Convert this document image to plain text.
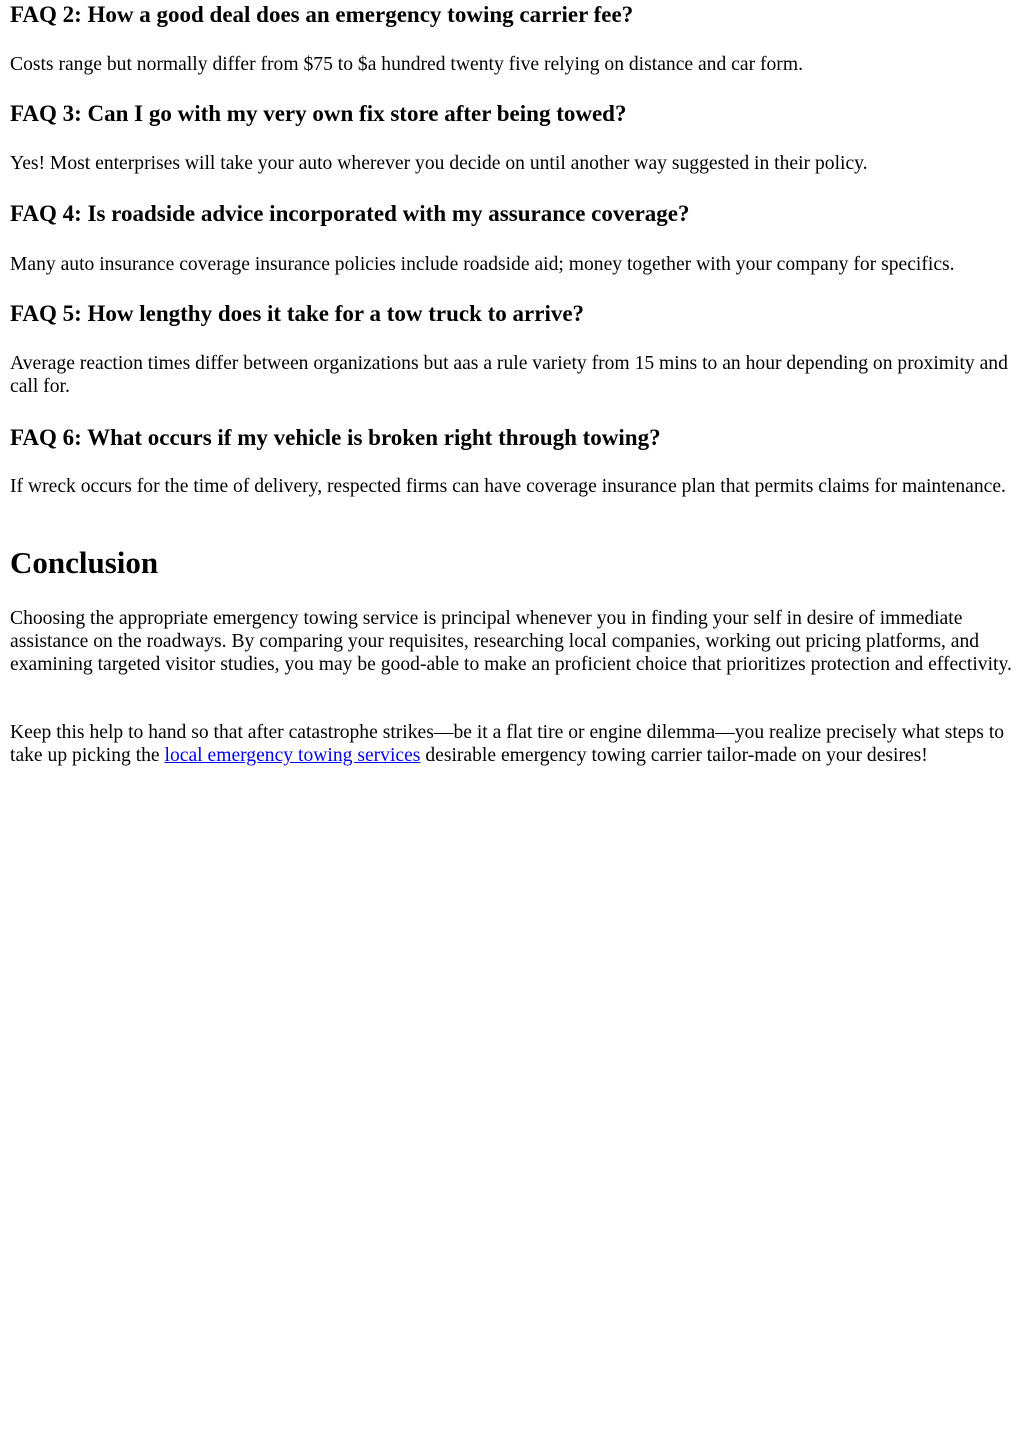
FAQ 2: How a good deal does an emergency towing carrier fee?

Costs range but normally differ from $75 to $a hundred twenty five relying on distance and car form.

FAQ 3: Can I go with my very own fix store after being towed?

Yes! Most enterprises will take your auto wherever you decide on until another way suggested in their policy.

FAQ 4: Is roadside advice incorporated with my assurance coverage?

Many auto insurance coverage insurance policies include roadside aid; money together with your company for specifics.

FAQ 5: How lengthy does it take for a tow truck to arrive?

Average reaction times differ between organizations but aas a rule variety from 15 mins to an hour depending on proximity and call for.

FAQ 6: What occurs if my vehicle is broken right through towing?

If wreck occurs for the time of delivery, respected firms can have coverage insurance plan that permits claims for maintenance.

Conclusion

Choosing the appropriate emergency towing service is principal whenever you in finding your self in desire of immediate assistance on the roadways. By comparing your requisites, researching local companies, working out pricing platforms, and examining targeted visitor studies, you may be good-able to make an proficient choice that prioritizes protection and effectivity.

Keep this help to hand so that after catastrophe strikes—be it a flat tire or engine dilemma—you realize precisely what steps to take up picking the local emergency towing services desirable emergency towing carrier tailor-made on your desires!
